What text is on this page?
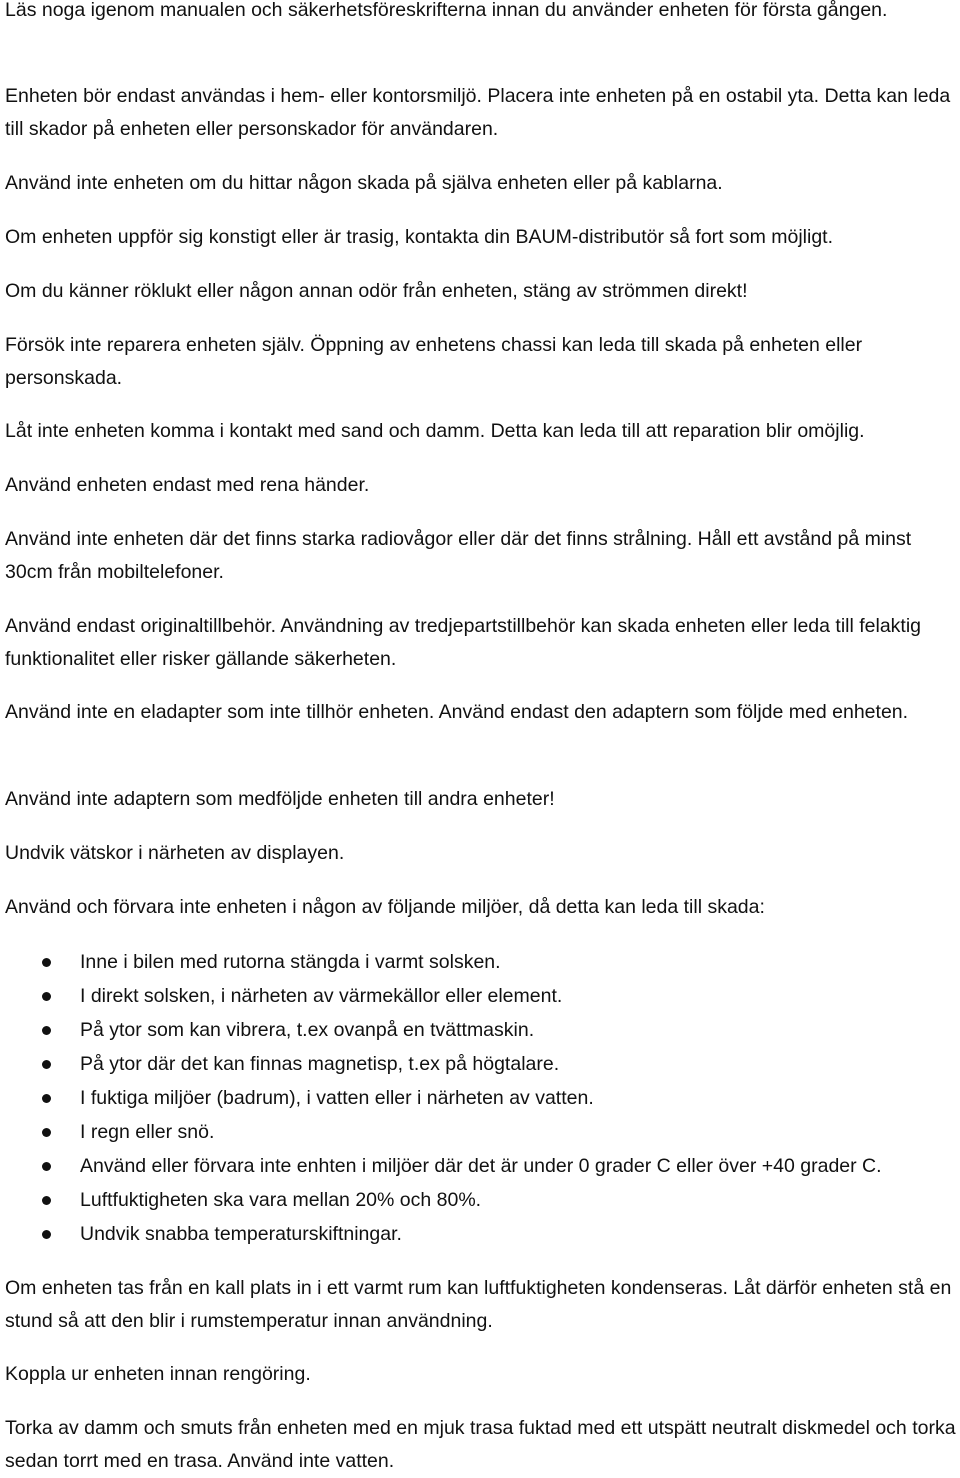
Läs noga igenom manualen och säkerhetsföreskrifterna innan du använder enheten för första gången.

Enheten bör endast användas i hem- eller kontorsmiljö. Placera inte enheten på en ostabil yta. Detta kan leda till skador på enheten eller personskador för användaren.

Använd inte enheten om du hittar någon skada på själva enheten eller på kablarna.

Om enheten uppför sig konstigt eller är trasig, kontakta din BAUM-distributör så fort som möjligt.

Om du känner röklukt eller någon annan odör från enheten, stäng av strömmen direkt!

Försök inte reparera enheten själv. Öppning av enhetens chassi kan leda till skada på enheten eller personskada.

Låt inte enheten komma i kontakt med sand och damm. Detta kan leda till att reparation blir omöjlig.

Använd enheten endast med rena händer.

Använd inte enheten där det finns starka radiovågor eller där det finns strålning. Håll ett avstånd på minst 30cm från mobiltelefoner.

Använd endast originaltillbehör. Användning av tredjepartstillbehör kan skada enheten eller leda till felaktig funktionalitet eller risker gällande säkerheten.

Använd inte en eladapter som inte tillhör enheten. Använd endast den adaptern som följde med enheten.

Använd inte adaptern som medföljde enheten till andra enheter!

Undvik vätskor i närheten av displayen.

Använd och förvara inte enheten i någon av följande miljöer, då detta kan leda till skada:

Inne i bilen med rutorna stängda i varmt solsken.
I direkt solsken, i närheten av värmekällor eller element.
På ytor som kan vibrera, t.ex ovanpå en tvättmaskin.
På ytor där det kan finnas magnetisp, t.ex på högtalare.
I fuktiga miljöer (badrum), i vatten eller i närheten av vatten.
I regn eller snö.
Använd eller förvara inte enhten i miljöer där det är under 0 grader C eller över +40 grader C.
Luftfuktigheten ska vara mellan 20% och 80%.
Undvik snabba temperaturskiftningar.

Om enheten tas från en kall plats in i ett varmt rum kan luftfuktigheten kondenseras. Låt därför enheten stå en stund så att den blir i rumstemperatur innan användning.

Koppla ur enheten innan rengöring.

Torka av damm och smuts från enheten med en mjuk trasa fuktad med ett utspätt neutralt diskmedel och torka sedan torrt med en trasa. Använd inte vatten.
